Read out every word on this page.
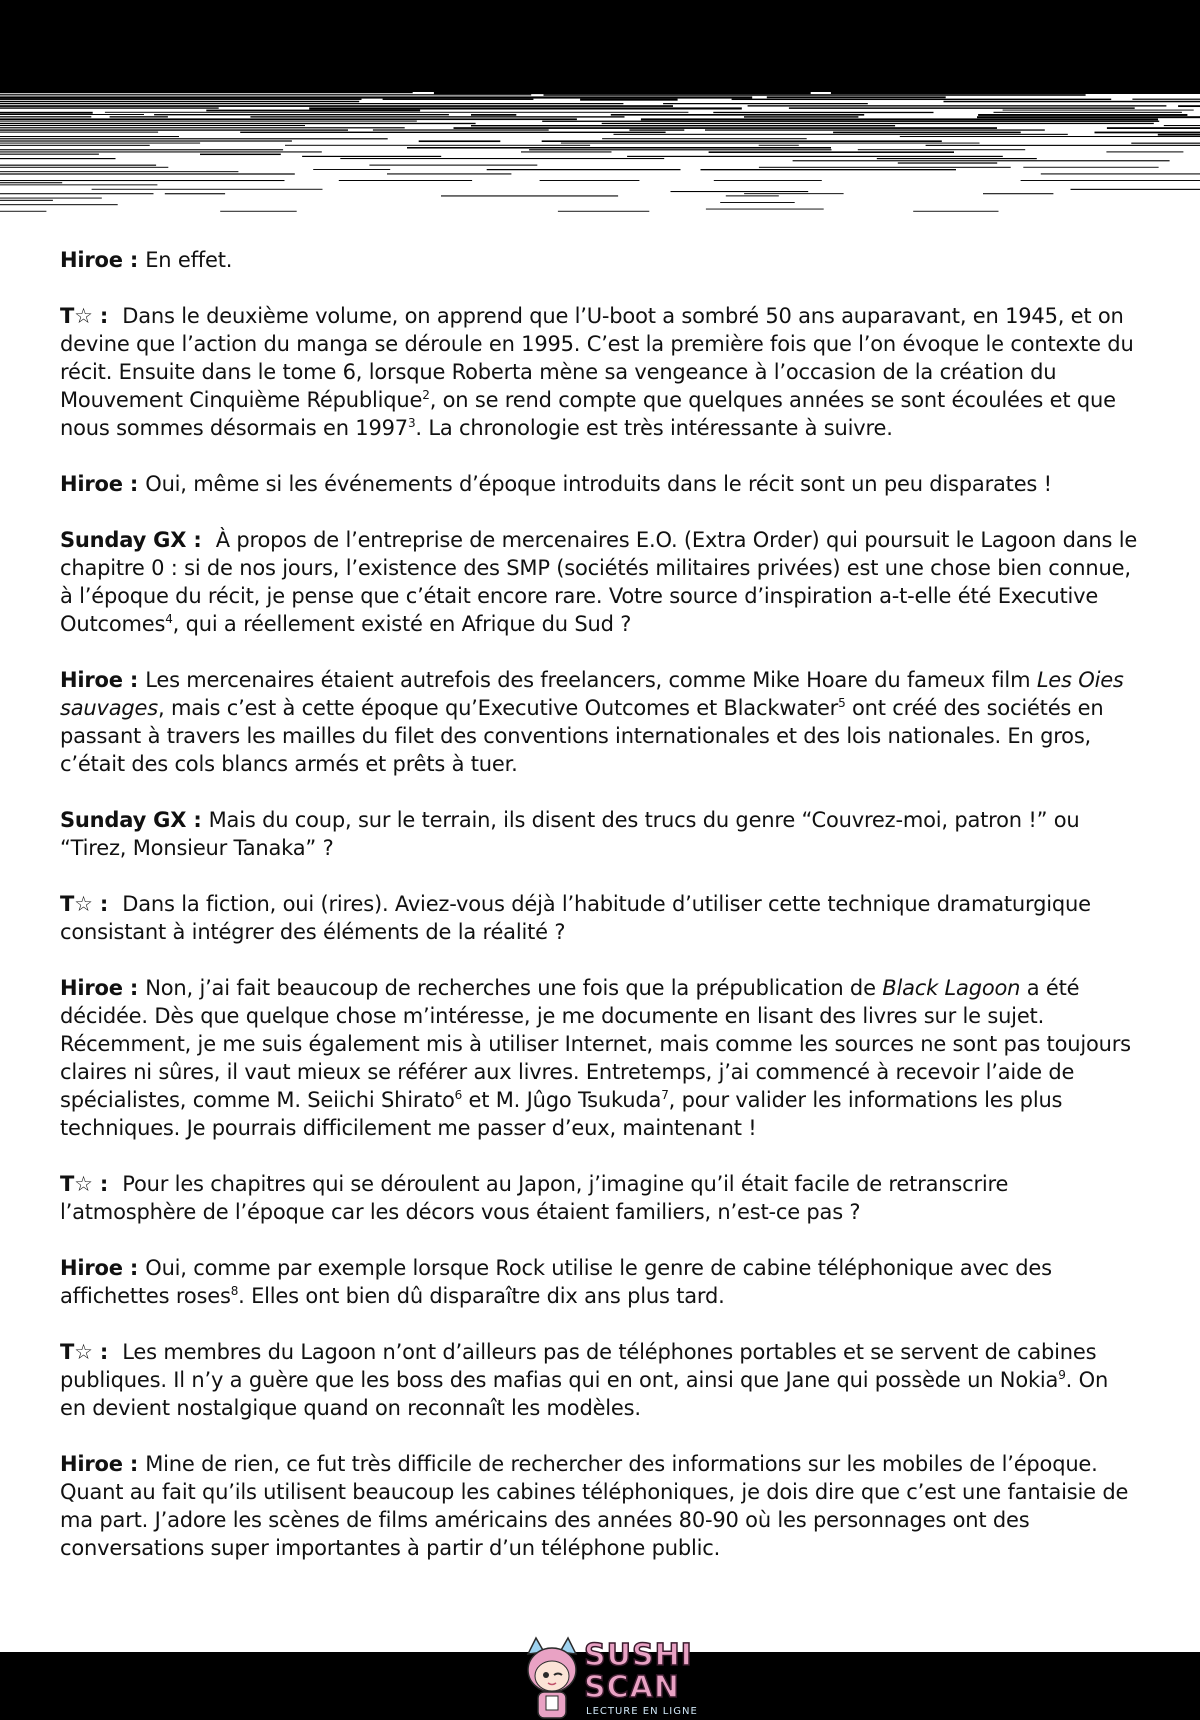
Hiroe : En effet.

T☆ :  Dans le deuxième volume, on apprend que l’U-boot a sombré 50 ans auparavant, en 1945, et on devine que l’action du manga se déroule en 1995. C’est la première fois que l’on évoque le contexte du récit. Ensuite dans le tome 6, lorsque Roberta mène sa vengeance à l’occasion de la création du Mouvement Cinquième République$^2$, on se rend compte que quelques années se sont écoulées et que nous sommes désormais en 1997$^3$. La chronologie est très intéressante à suivre.

Hiroe : Oui, même si les événements d’époque introduits dans le récit sont un peu disparates !

Sunday GX :  À propos de l’entreprise de mercenaires E.O. (Extra Order) qui poursuit le Lagoon dans le chapitre 0 : si de nos jours, l’existence des SMP (sociétés militaires privées) est une chose bien connue, à l’époque du récit, je pense que c’était encore rare. Votre source d’inspiration a-t-elle été Executive Outcomes$^4$, qui a réellement existé en Afrique du Sud ?

Hiroe : Les mercenaires étaient autrefois des freelancers, comme Mike Hoare du fameux film Les Oies sauvages, mais c’est à cette époque qu’Executive Outcomes et Blackwater$^5$ ont créé des sociétés en passant à travers les mailles du filet des conventions internationales et des lois nationales. En gros, c’était des cols blancs armés et prêts à tuer.

Sunday GX : Mais du coup, sur le terrain, ils disent des trucs du genre “Couvrez-moi, patron !” ou “Tirez, Monsieur Tanaka” ?

T☆ :  Dans la fiction, oui (rires). Aviez-vous déjà l’habitude d’utiliser cette technique dramaturgique consistant à intégrer des éléments de la réalité ?

Hiroe : Non, j’ai fait beaucoup de recherches une fois que la prépublication de Black Lagoon a été décidée. Dès que quelque chose m’intéresse, je me documente en lisant des livres sur le sujet. Récemment, je me suis également mis à utiliser Internet, mais comme les sources ne sont pas toujours claires ni sûres, il vaut mieux se référer aux livres. Entretemps, j’ai commencé à recevoir l’aide de spécialistes, comme M. Seiichi Shirato$^6$ et M. Jûgo Tsukuda$^7$, pour valider les informations les plus techniques. Je pourrais difficilement me passer d’eux, maintenant !

T☆ :  Pour les chapitres qui se déroulent au Japon, j’imagine qu’il était facile de retranscrire l’atmosphère de l’époque car les décors vous étaient familiers, n’est-ce pas ?

Hiroe : Oui, comme par exemple lorsque Rock utilise le genre de cabine téléphonique avec des affichettes roses$^8$. Elles ont bien dû disparaître dix ans plus tard.

T☆ :  Les membres du Lagoon n’ont d’ailleurs pas de téléphones portables et se servent de cabines publiques. Il n’y a guère que les boss des mafias qui en ont, ainsi que Jane qui possède un Nokia$^9$. On en devient nostalgique quand on reconnaît les modèles.

Hiroe : Mine de rien, ce fut très difficile de rechercher des informations sur les mobiles de l’époque. Quant au fait qu’ils utilisent beaucoup les cabines téléphoniques, je dois dire que c’est une fantaisie de ma part. J’adore les scènes de films américains des années 80-90 où les personnages ont des conversations super importantes à partir d’un téléphone public.

SUSHI
SCAN
LECTURE EN LIGNE
